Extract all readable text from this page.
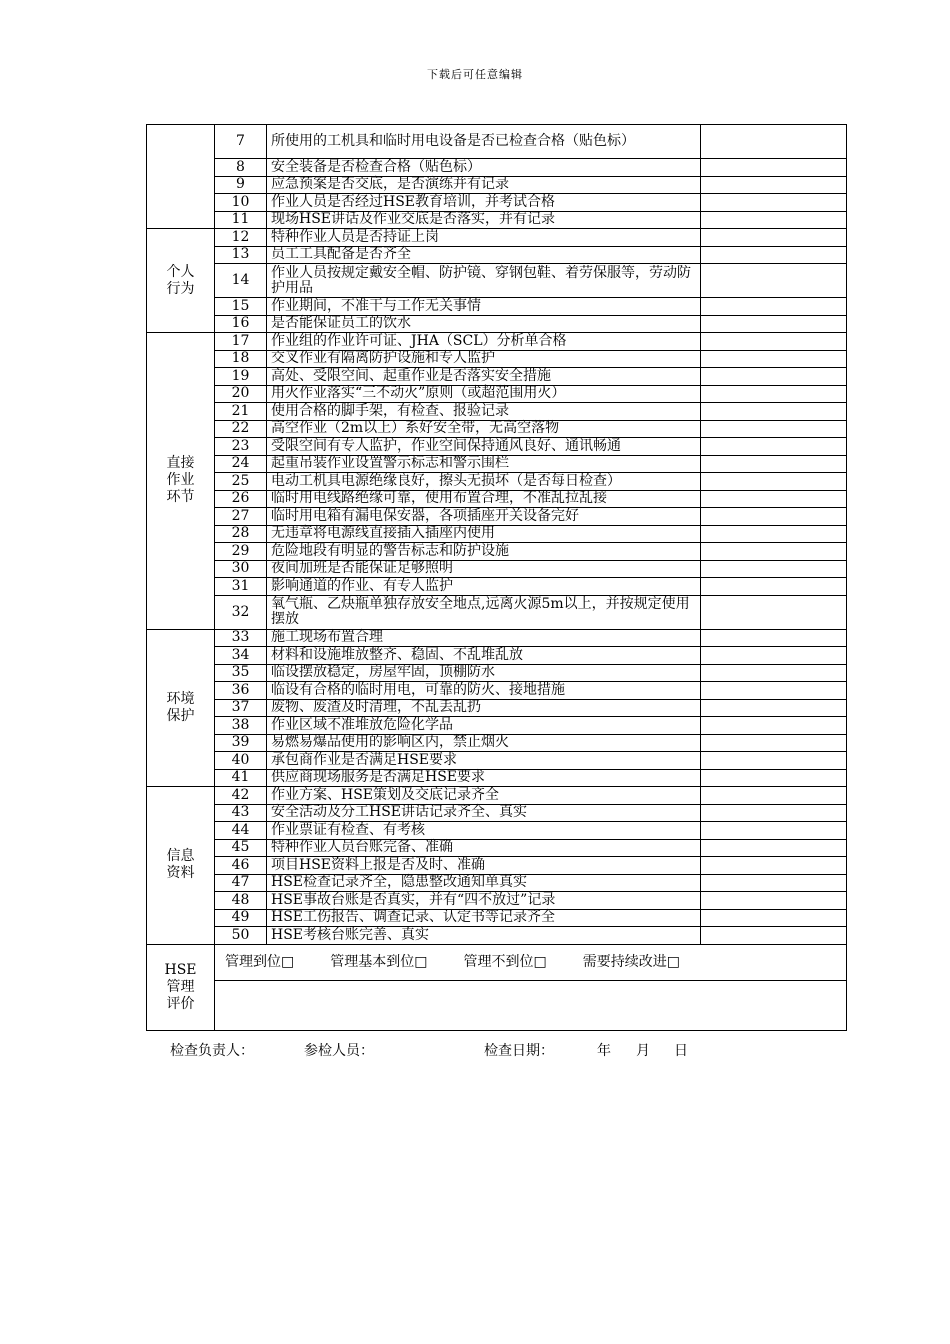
下载后可任意编辑
	7	所使用的工机具和临时用电设备是否已检查合格（贴色标）	
	8	安全装备是否检查合格（贴色标）	
	9	应急预案是否交底，是否演练并有记录	
	10	作业人员是否经过HSE教育培训，并考试合格	
	11	现场HSE讲话及作业交底是否落实，并有记录	

个人
行为	12	特种作业人员是否持证上岗	
	13	员工工具配备是否齐全	
	14	作业人员按规定戴安全帽、防护镜、穿钢包鞋、着劳保服等，劳动防护用品	
	15	作业期间，不准干与工作无关事情	
	16	是否能保证员工的饮水	

直接
作业
环节	17	作业组的作业许可证、JHA（SCL）分析单合格	
	18	交叉作业有隔离防护设施和专人监护	
	19	高处、受限空间、起重作业是否落实安全措施	
	20	用火作业落实“三不动火”原则（或超范围用火）	
	21	使用合格的脚手架，有检查、报验记录	
	22	高空作业（2m以上）系好安全带，无高空落物	
	23	受限空间有专人监护，作业空间保持通风良好、通讯畅通	
	24	起重吊装作业设置警示标志和警示围栏	
	25	电动工机具电源绝缘良好，擦头无损坏（是否每日检查）	
	26	临时用电线路绝缘可靠，使用布置合理，不准乱拉乱接	
	27	临时用电箱有漏电保安器，各项插座开关设备完好	
	28	无违章将电源线直接插入插座内使用	
	29	危险地段有明显的警告标志和防护设施	
	30	夜间加班是否能保证足够照明	
	31	影响通道的作业、有专人监护	
	32	氧气瓶、乙炔瓶单独存放安全地点,远离火源5m以上，并按规定使用摆放	

环境
保护	33	施工现场布置合理	
	34	材料和设施堆放整齐、稳固、不乱堆乱放	
	35	临设摆放稳定，房屋牢固，顶棚防水	
	36	临设有合格的临时用电，可靠的防火、接地措施	
	37	废物、废渣及时清理，不乱丢乱扔	
	38	作业区域不准堆放危险化学品	
	39	易燃易爆品使用的影响区内，禁止烟火	
	40	承包商作业是否满足HSE要求	
	41	供应商现场服务是否满足HSE要求	

信息
资料	42	作业方案、HSE策划及交底记录齐全	
	43	安全活动及分工HSE讲话记录齐全、真实	
	44	作业票证有检查、有考核	
	45	特种作业人员台账完备、准确	
	46	项目HSE资料上报是否及时、准确	
	47	HSE检查记录齐全，隐患整改通知单真实	
	48	HSE事故台账是否真实，并有“四不放过”记录	
	49	HSE工伤报告、调查记录、认定书等记录齐全	
	50	HSE考核台账完善、真实	

HSE
管理
评价	管理到位□ 管理基本到位□ 管理不到位□ 需要持续改进□		

检查负责人：	参检人员：	检查日期：	年 月 日
